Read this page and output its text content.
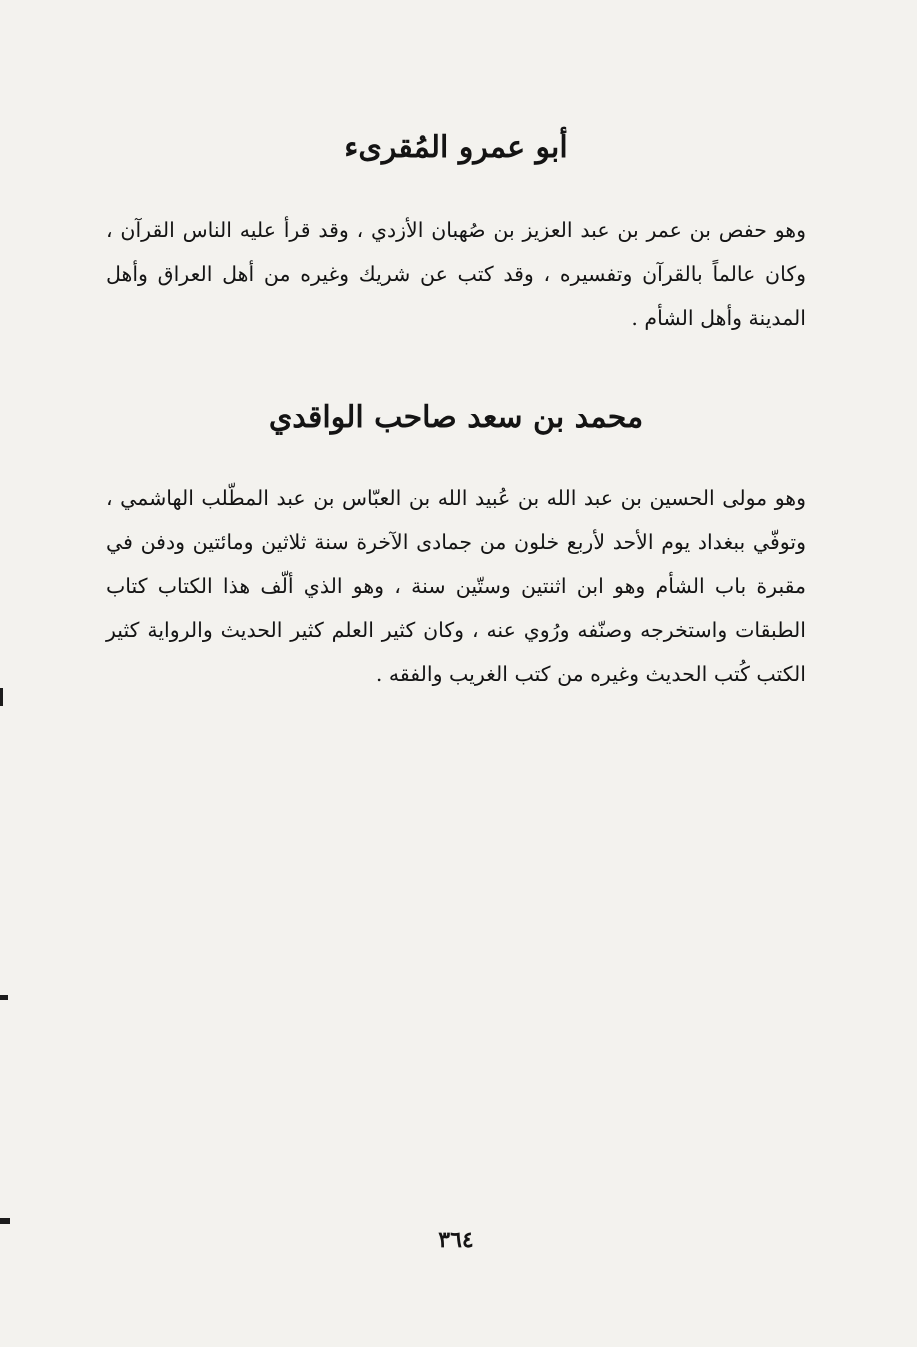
أبو عمرو المُقرىء
وهو حفص بن عمر بن عبد العزيز بن صُهبان الأزدي ، وقد قرأ عليه الناس القرآن ، وكان عالماً بالقرآن وتفسيره ، وقد كتب عن شريك وغيره من أهل العراق وأهل المدينة وأهل الشأم .
محمد بن سعد صاحب الواقدي
وهو مولى الحسين بن عبد الله بن عُبيد الله بن العبّاس بن عبد المطّلب الهاشمي ، وتوفّي ببغداد يوم الأحد لأربع خلون من جمادى الآخرة سنة ثلاثين ومائتين ودفن في مقبرة باب الشأم وهو ابن اثنتين وستّين سنة ، وهو الذي ألّف هذا الكتاب كتاب الطبقات واستخرجه وصنّفه ورُوي عنه ، وكان كثير العلم كثير الحديث والرواية كثير الكتب كُتب الحديث وغيره من كتب الغريب والفقه .
٣٦٤
